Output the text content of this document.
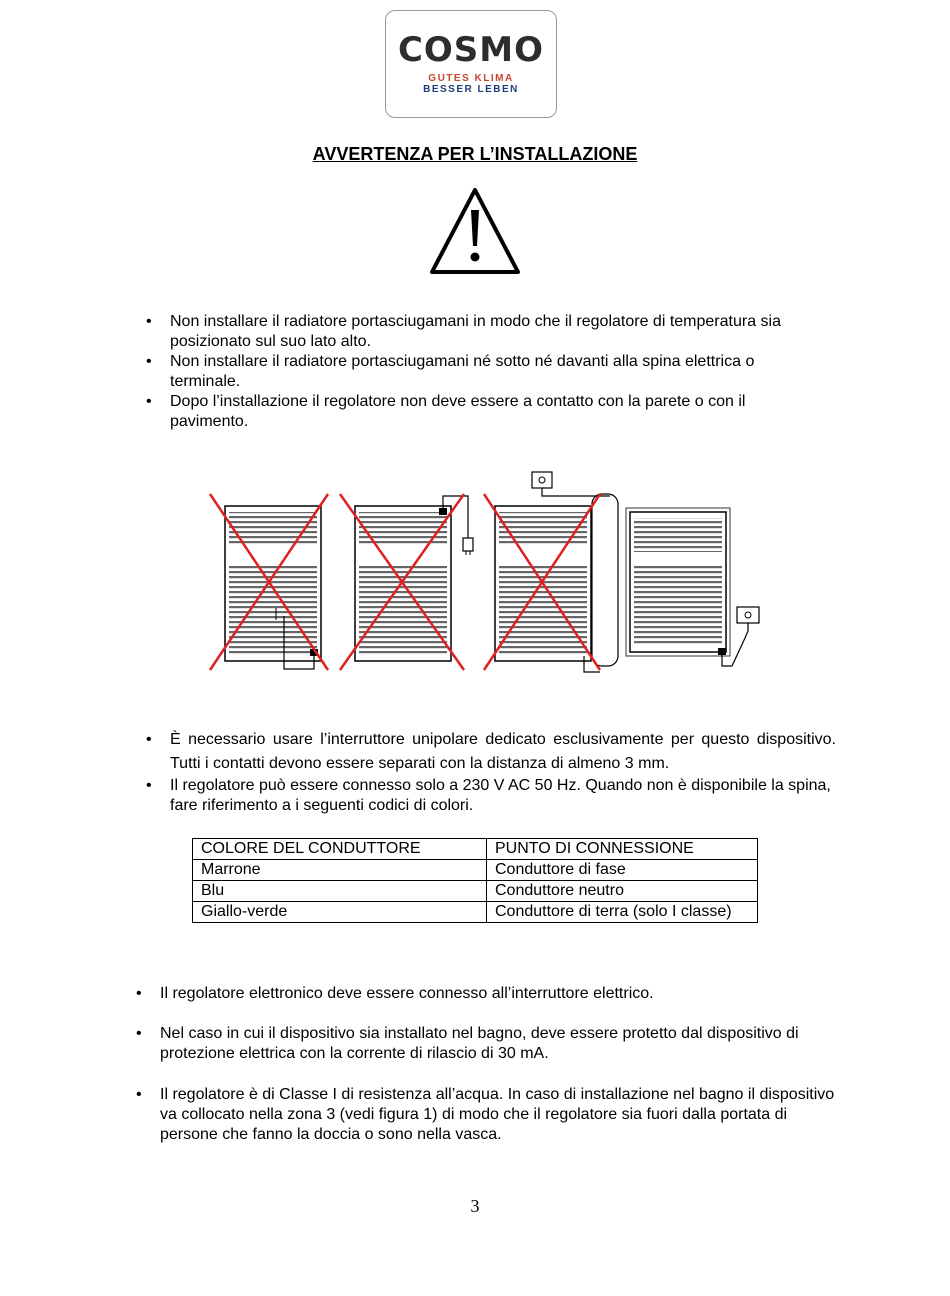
COSMO
GUTES KLIMA
BESSER LEBEN
AVVERTENZA PER L’INSTALLAZIONE
• Non installare il radiatore portasciugamani in modo che il regolatore di temperatura sia posizionato sul suo lato alto.
• Non installare il radiatore portasciugamani né sotto né davanti alla spina elettrica o terminale.
• Dopo l’installazione il regolatore non deve essere a contatto con la parete o con il pavimento.
• È necessario usare l’interruttore unipolare dedicato esclusivamente per questo dispositivo. Tutti i contatti devono essere separati con la distanza di almeno 3 mm.
• Il regolatore può essere connesso solo a 230 V AC 50 Hz. Quando non è disponibile la spina, fare riferimento a i seguenti codici di colori.
COLORE DEL CONDUTTORE	PUNTO DI CONNESSIONE
Marrone	Conduttore di fase
Blu	Conduttore neutro
Giallo-verde	Conduttore di terra (solo I classe)
• Il regolatore elettronico deve essere connesso all’interruttore elettrico.
• Nel caso in cui il dispositivo sia installato nel bagno, deve essere protetto dal dispositivo di protezione elettrica con la corrente di rilascio di 30 mA.
• Il regolatore è di Classe I di resistenza all’acqua. In caso di installazione nel bagno il dispositivo va collocato nella zona 3 (vedi figura 1) di modo che il regolatore sia fuori dalla portata di persone che fanno la doccia o sono nella vasca.
3
